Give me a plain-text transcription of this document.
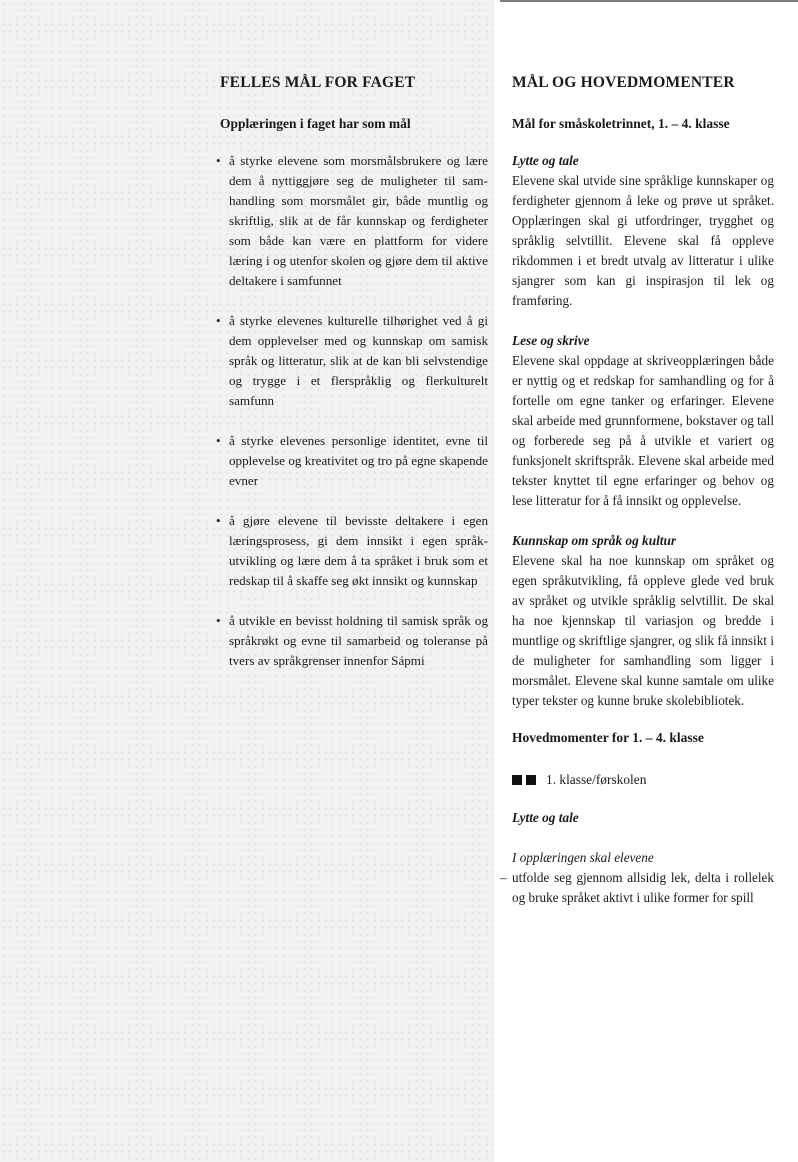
FELLES MÅL FOR FAGET
Opplæringen i faget har som mål
• å styrke elevene som morsmålsbrukere og lære dem å nyttiggjøre seg de muligheter til samhandling som morsmålet gir, både muntlig og skriftlig, slik at de får kunnskap og ferdigheter som både kan være en plattform for videre læring i og utenfor skolen og gjøre dem til aktive deltakere i samfunnet
• å styrke elevenes kulturelle tilhørighet ved å gi dem opplevelser med og kunnskap om samisk språk og litteratur, slik at de kan bli selvstendige og trygge i et flerspråklig og flerkulturelt samfunn
• å styrke elevenes personlige identitet, evne til opplevelse og kreativitet og tro på egne skapende evner
• å gjøre elevene til bevisste deltakere i egen læringsprosess, gi dem innsikt i egen språkutvikling og lære dem å ta språket i bruk som et redskap til å skaffe seg økt innsikt og kunnskap
• å utvikle en bevisst holdning til samisk språk og språkrøkt og evne til samarbeid og toleranse på tvers av språkgrenser innenfor Sápmi
MÅL OG HOVEDMOMENTER
Mål for småskoletrinnet, 1. – 4. klasse
Lytte og tale

Elevene skal utvide sine språklige kunnskaper og ferdigheter gjennom å leke og prøve ut språket. Opplæringen skal gi utfordringer, trygghet og språklig selvtillit. Elevene skal få oppleve rikdommen i et bredt utvalg av litteratur i ulike sjangrer som kan gi inspirasjon til lek og framføring.

Lese og skrive

Elevene skal oppdage at skriveopplæringen både er nyttig og et redskap for samhandling og for å fortelle om egne tanker og erfaringer. Elevene skal arbeide med grunnformene, bokstaver og tall og forberede seg på å utvikle et variert og funksjonelt skriftspråk. Elevene skal arbeide med tekster knyttet til egne erfaringer og behov og lese litteratur for å få innsikt og opplevelse.

Kunnskap om språk og kultur

Elevene skal ha noe kunnskap om språket og egen språkutvikling, få oppleve glede ved bruk av språket og utvikle språklig selvtillit. De skal ha noe kjennskap til variasjon og bredde i muntlige og skriftlige sjangrer, og slik få innsikt i de muligheter for samhandling som ligger i morsmålet. Elevene skal kunne samtale om ulike typer tekster og kunne bruke skolebibliotek.

Hovedmomenter for 1. – 4. klasse
1. klasse/førskolen
Lytte og tale
I opplæringen skal elevene
– utfolde seg gjennom allsidig lek, delta i rollelek og bruke språket aktivt i ulike former for spill
